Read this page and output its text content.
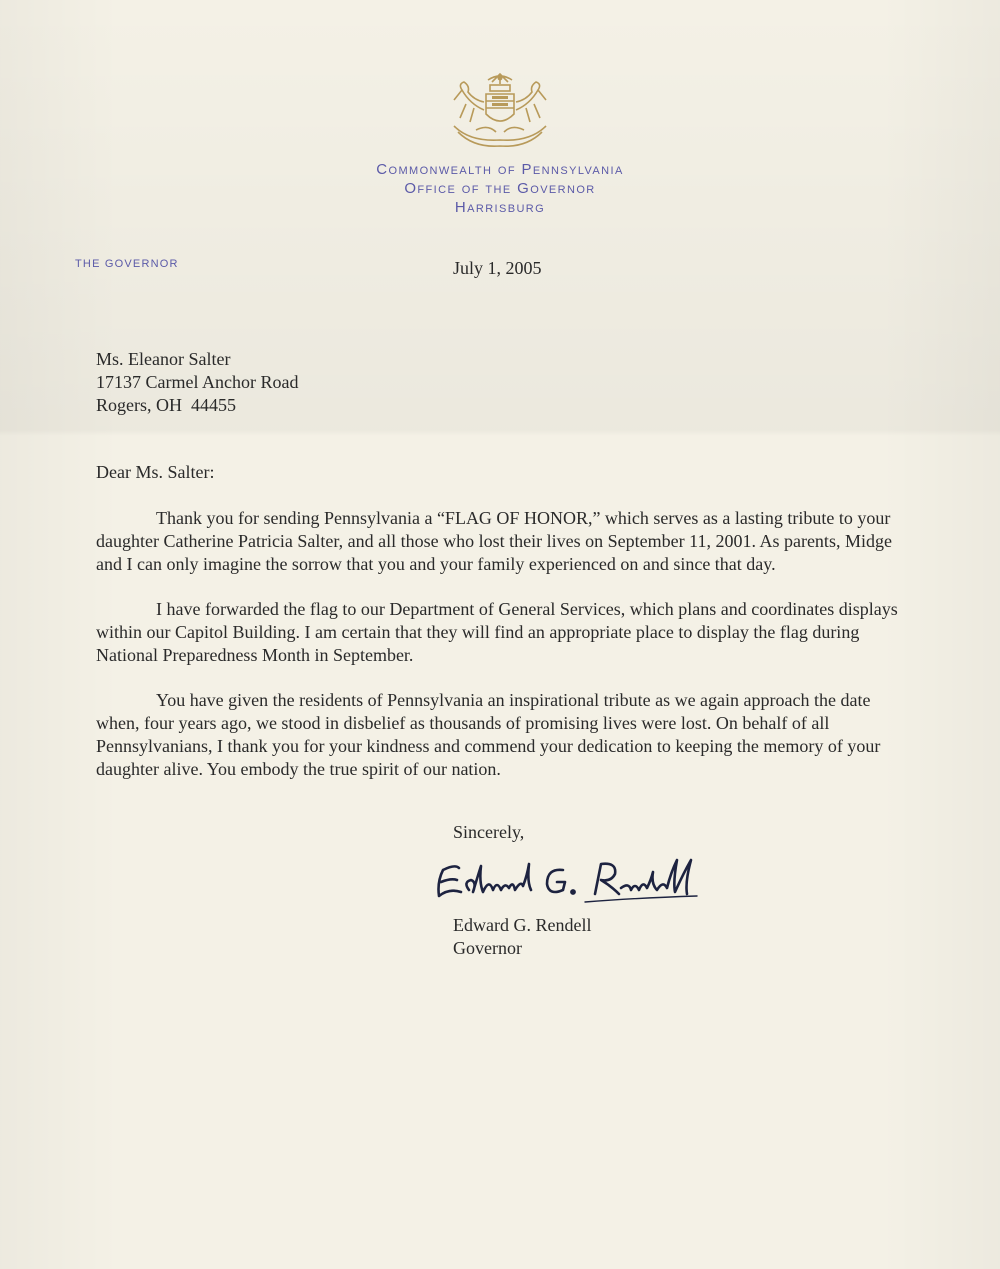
Commonwealth of Pennsylvania
Office of the Governor
Harrisburg
THE GOVERNOR	July 1, 2005
Ms. Eleanor Salter
17137 Carmel Anchor Road
Rogers, OH  44455
Dear Ms. Salter:

Thank you for sending Pennsylvania a “FLAG OF HONOR,” which serves as a lasting tribute to your daughter Catherine Patricia Salter, and all those who lost their lives on September 11, 2001. As parents, Midge and I can only imagine the sorrow that you and your family experienced on and since that day.

I have forwarded the flag to our Department of General Services, which plans and coordinates displays within our Capitol Building. I am certain that they will find an appropriate place to display the flag during National Preparedness Month in September.

You have given the residents of Pennsylvania an inspirational tribute as we again approach the date when, four years ago, we stood in disbelief as thousands of promising lives were lost. On behalf of all Pennsylvanians, I thank you for your kindness and commend your dedication to keeping the memory of your daughter alive. You embody the true spirit of our nation.

Sincerely,
Edward G. Rendell
Governor
